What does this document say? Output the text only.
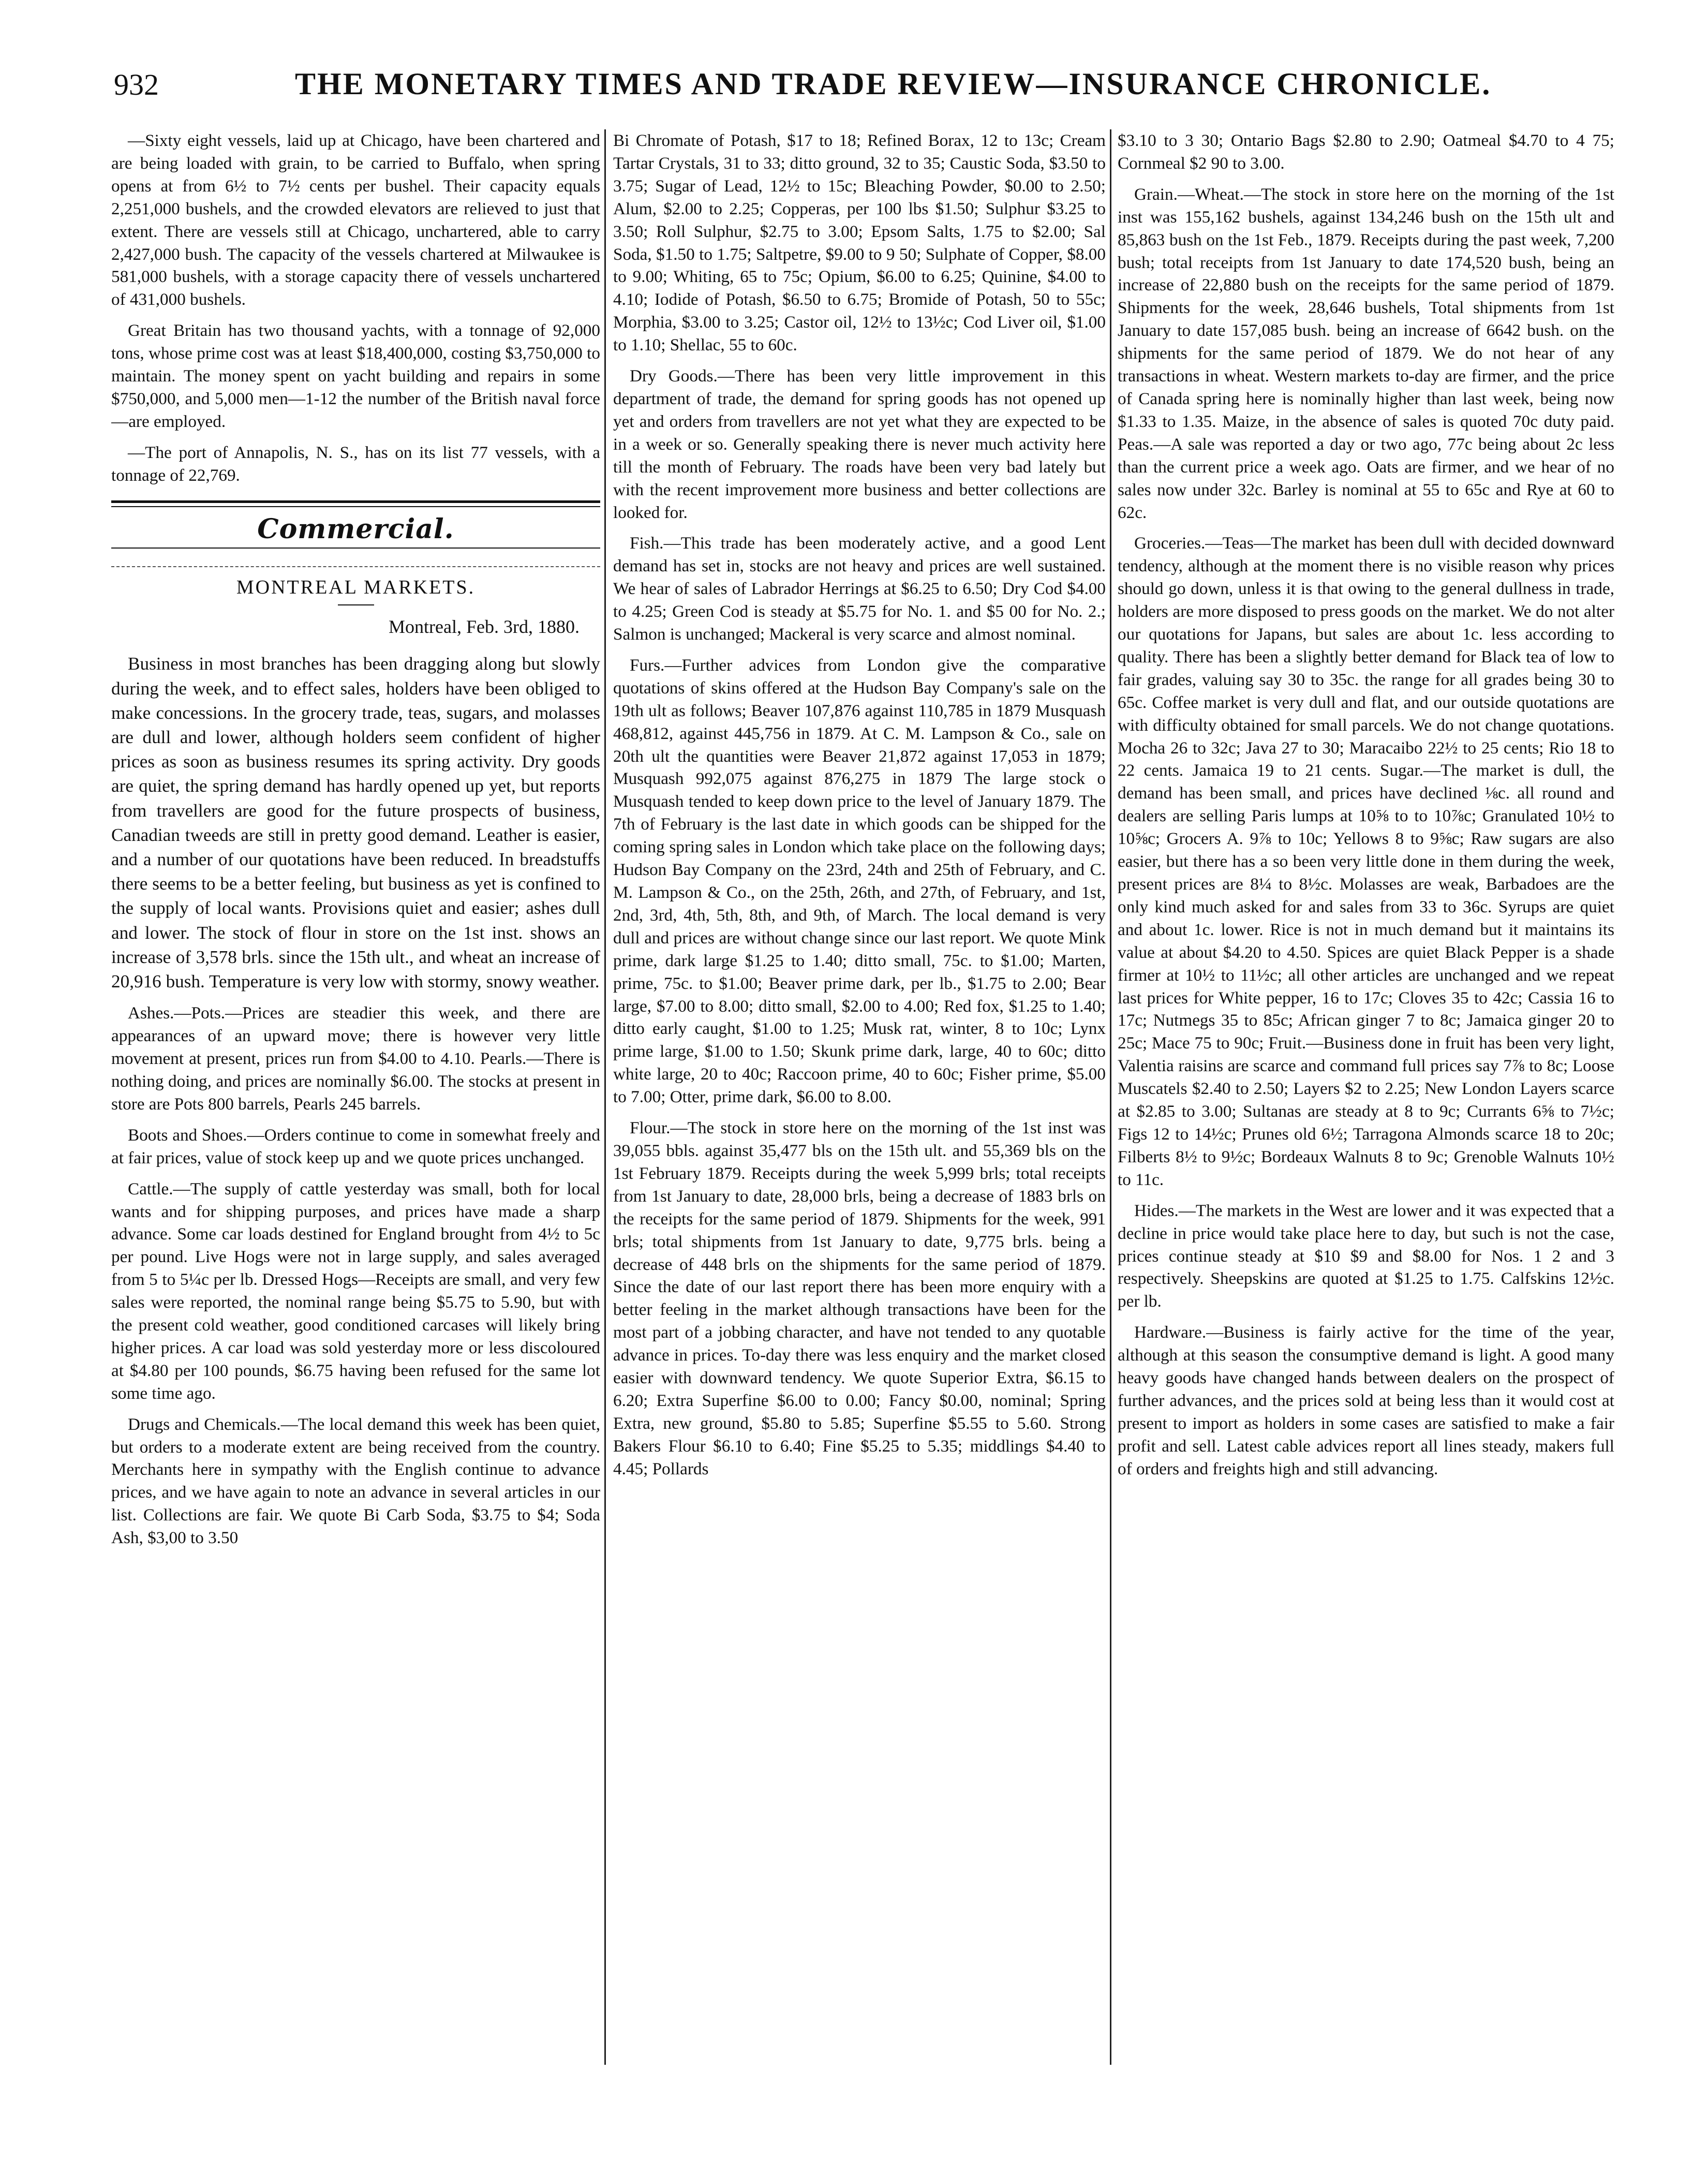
932	THE MONETARY TIMES AND TRADE REVIEW—INSURANCE CHRONICLE.

—Sixty eight vessels, laid up at Chicago, have been chartered and are being loaded with grain, to be carried to Buffalo, when spring opens at from 6½ to 7½ cents per bushel. Their capacity equals 2,251,000 bushels, and the crowded elevators are relieved to just that extent. There are vessels still at Chicago, unchartered, able to carry 2,427,000 bush. The capacity of the vessels chartered at Milwaukee is 581,000 bushels, with a storage capacity there of vessels unchartered of 431,000 bushels.

Great Britain has two thousand yachts, with a tonnage of 92,000 tons, whose prime cost was at least $18,400,000, costing $3,750,000 to maintain. The money spent on yacht building and repairs in some $750,000, and 5,000 men—1-12 the number of the British naval force—are employed.

—The port of Annapolis, N. S., has on its list 77 vessels, with a tonnage of 22,769.

Commercial.
MONTREAL MARKETS.
Montreal, Feb. 3rd, 1880.

Business in most branches has been dragging along but slowly during the week, and to effect sales, holders have been obliged to make concessions. In the grocery trade, teas, sugars, and molasses are dull and lower, although holders seem confident of higher prices as soon as business resumes its spring activity. Dry goods are quiet, the spring demand has hardly opened up yet, but reports from travellers are good for the future prospects of business, Canadian tweeds are still in pretty good demand. Leather is easier, and a number of our quotations have been reduced. In breadstuffs there seems to be a better feeling, but business as yet is confined to the supply of local wants. Provisions quiet and easier; ashes dull and lower. The stock of flour in store on the 1st inst. shows an increase of 3,578 brls. since the 15th ult., and wheat an increase of 20,916 bush. Temperature is very low with stormy, snowy weather.

Ashes.—Pots.—Prices are steadier this week, and there are appearances of an upward move; there is however very little movement at present, prices run from $4.00 to 4.10. Pearls.—There is nothing doing, and prices are nominally $6.00. The stocks at present in store are Pots 800 barrels, Pearls 245 barrels.

Boots and Shoes.—Orders continue to come in somewhat freely and at fair prices, value of stock keep up and we quote prices unchanged.

Cattle.—The supply of cattle yesterday was small, both for local wants and for shipping purposes, and prices have made a sharp advance. Some car loads destined for England brought from 4½ to 5c per pound. Live Hogs were not in large supply, and sales averaged from 5 to 5¼c per lb. Dressed Hogs—Receipts are small, and very few sales were reported, the nominal range being $5.75 to 5.90, but with the present cold weather, good conditioned carcases will likely bring higher prices. A car load was sold yesterday more or less discoloured at $4.80 per 100 pounds, $6.75 having been refused for the same lot some time ago.

Drugs and Chemicals.—The local demand this week has been quiet, but orders to a moderate extent are being received from the country. Merchants here in sympathy with the English continue to advance prices, and we have again to note an advance in several articles in our list. Collections are fair. We quote Bi Carb Soda, $3.75 to $4; Soda Ash, $3,00 to 3.50

Bi Chromate of Potash, $17 to 18; Refined Borax, 12 to 13c; Cream Tartar Crystals, 31 to 33; ditto ground, 32 to 35; Caustic Soda, $3.50 to 3.75; Sugar of Lead, 12½ to 15c; Bleaching Powder, $0.00 to 2.50; Alum, $2.00 to 2.25; Copperas, per 100 lbs $1.50; Sulphur $3.25 to 3.50; Roll Sulphur, $2.75 to 3.00; Epsom Salts, 1.75 to $2.00; Sal Soda, $1.50 to 1.75; Saltpetre, $9.00 to 9 50; Sulphate of Copper, $8.00 to 9.00; Whiting, 65 to 75c; Opium, $6.00 to 6.25; Quinine, $4.00 to 4.10; Iodide of Potash, $6.50 to 6.75; Bromide of Potash, 50 to 55c; Morphia, $3.00 to 3.25; Castor oil, 12½ to 13½c; Cod Liver oil, $1.00 to 1.10; Shellac, 55 to 60c.

Dry Goods.—There has been very little improvement in this department of trade, the demand for spring goods has not opened up yet and orders from travellers are not yet what they are expected to be in a week or so. Generally speaking there is never much activity here till the month of February. The roads have been very bad lately but with the recent improvement more business and better collections are looked for.

Fish.—This trade has been moderately active, and a good Lent demand has set in, stocks are not heavy and prices are well sustained. We hear of sales of Labrador Herrings at $6.25 to 6.50; Dry Cod $4.00 to 4.25; Green Cod is steady at $5.75 for No. 1. and $5 00 for No. 2.; Salmon is unchanged; Mackeral is very scarce and almost nominal.

Furs.—Further advices from London give the comparative quotations of skins offered at the Hudson Bay Company's sale on the 19th ult as follows; Beaver 107,876 against 110,785 in 1879 Musquash 468,812, against 445,756 in 1879. At C. M. Lampson & Co., sale on 20th ult the quantities were Beaver 21,872 against 17,053 in 1879; Musquash 992,075 against 876,275 in 1879 The large stock o Musquash tended to keep down price to the level of January 1879. The 7th of February is the last date in which goods can be shipped for the coming spring sales in London which take place on the following days; Hudson Bay Company on the 23rd, 24th and 25th of February, and C. M. Lampson & Co., on the 25th, 26th, and 27th, of February, and 1st, 2nd, 3rd, 4th, 5th, 8th, and 9th, of March. The local demand is very dull and prices are without change since our last report. We quote Mink prime, dark large $1.25 to 1.40; ditto small, 75c. to $1.00; Marten, prime, 75c. to $1.00; Beaver prime dark, per lb., $1.75 to 2.00; Bear large, $7.00 to 8.00; ditto small, $2.00 to 4.00; Red fox, $1.25 to 1.40; ditto early caught, $1.00 to 1.25; Musk rat, winter, 8 to 10c; Lynx prime large, $1.00 to 1.50; Skunk prime dark, large, 40 to 60c; ditto white large, 20 to 40c; Raccoon prime, 40 to 60c; Fisher prime, $5.00 to 7.00; Otter, prime dark, $6.00 to 8.00.

Flour.—The stock in store here on the morning of the 1st inst was 39,055 bbls. against 35,477 bls on the 15th ult. and 55,369 bls on the 1st February 1879. Receipts during the week 5,999 brls; total receipts from 1st January to date, 28,000 brls, being a decrease of 1883 brls on the receipts for the same period of 1879. Shipments for the week, 991 brls; total shipments from 1st January to date, 9,775 brls. being a decrease of 448 brls on the shipments for the same period of 1879. Since the date of our last report there has been more enquiry with a better feeling in the market although transactions have been for the most part of a jobbing character, and have not tended to any quotable advance in prices. To-day there was less enquiry and the market closed easier with downward tendency. We quote Superior Extra, $6.15 to 6.20; Extra Superfine $6.00 to 0.00; Fancy $0.00, nominal; Spring Extra, new ground, $5.80 to 5.85; Superfine $5.55 to 5.60. Strong Bakers Flour $6.10 to 6.40; Fine $5.25 to 5.35; middlings $4.40 to 4.45; Pollards

$3.10 to 3 30; Ontario Bags $2.80 to 2.90; Oatmeal $4.70 to 4 75; Cornmeal $2 90 to 3.00.

Grain.—Wheat.—The stock in store here on the morning of the 1st inst was 155,162 bushels, against 134,246 bush on the 15th ult and 85,863 bush on the 1st Feb., 1879. Receipts during the past week, 7,200 bush; total receipts from 1st January to date 174,520 bush, being an increase of 22,880 bush on the receipts for the same period of 1879. Shipments for the week, 28,646 bushels, Total shipments from 1st January to date 157,085 bush. being an increase of 6642 bush. on the shipments for the same period of 1879. We do not hear of any transactions in wheat. Western markets to-day are firmer, and the price of Canada spring here is nominally higher than last week, being now $1.33 to 1.35. Maize, in the absence of sales is quoted 70c duty paid. Peas.—A sale was reported a day or two ago, 77c being about 2c less than the current price a week ago. Oats are firmer, and we hear of no sales now under 32c. Barley is nominal at 55 to 65c and Rye at 60 to 62c.

Groceries.—Teas—The market has been dull with decided downward tendency, although at the moment there is no visible reason why prices should go down, unless it is that owing to the general dullness in trade, holders are more disposed to press goods on the market. We do not alter our quotations for Japans, but sales are about 1c. less according to quality. There has been a slightly better demand for Black tea of low to fair grades, valuing say 30 to 35c. the range for all grades being 30 to 65c. Coffee market is very dull and flat, and our outside quotations are with difficulty obtained for small parcels. We do not change quotations. Mocha 26 to 32c; Java 27 to 30; Maracaibo 22½ to 25 cents; Rio 18 to 22 cents. Jamaica 19 to 21 cents. Sugar.—The market is dull, the demand has been small, and prices have declined ⅛c. all round and dealers are selling Paris lumps at 10⅝ to to 10⅞c; Granulated 10½ to 10⅝c; Grocers A. 9⅞ to 10c; Yellows 8 to 9⅝c; Raw sugars are also easier, but there has a so been very little done in them during the week, present prices are 8¼ to 8½c. Molasses are weak, Barbadoes are the only kind much asked for and sales from 33 to 36c. Syrups are quiet and about 1c. lower. Rice is not in much demand but it maintains its value at about $4.20 to 4.50. Spices are quiet Black Pepper is a shade firmer at 10½ to 11½c; all other articles are unchanged and we repeat last prices for White pepper, 16 to 17c; Cloves 35 to 42c; Cassia 16 to 17c; Nutmegs 35 to 85c; African ginger 7 to 8c; Jamaica ginger 20 to 25c; Mace 75 to 90c; Fruit.—Business done in fruit has been very light, Valentia raisins are scarce and command full prices say 7⅞ to 8c; Loose Muscatels $2.40 to 2.50; Layers $2 to 2.25; New London Layers scarce at $2.85 to 3.00; Sultanas are steady at 8 to 9c; Currants 6⅝ to 7½c; Figs 12 to 14½c; Prunes old 6½; Tarragona Almonds scarce 18 to 20c; Filberts 8½ to 9½c; Bordeaux Walnuts 8 to 9c; Grenoble Walnuts 10½ to 11c.

Hides.—The markets in the West are lower and it was expected that a decline in price would take place here to day, but such is not the case, prices continue steady at $10 $9 and $8.00 for Nos. 1 2 and 3 respectively. Sheepskins are quoted at $1.25 to 1.75. Calfskins 12½c. per lb.

Hardware.—Business is fairly active for the time of the year, although at this season the consumptive demand is light. A good many heavy goods have changed hands between dealers on the prospect of further advances, and the prices sold at being less than it would cost at present to import as holders in some cases are satisfied to make a fair profit and sell. Latest cable advices report all lines steady, makers full of orders and freights high and still advancing.
